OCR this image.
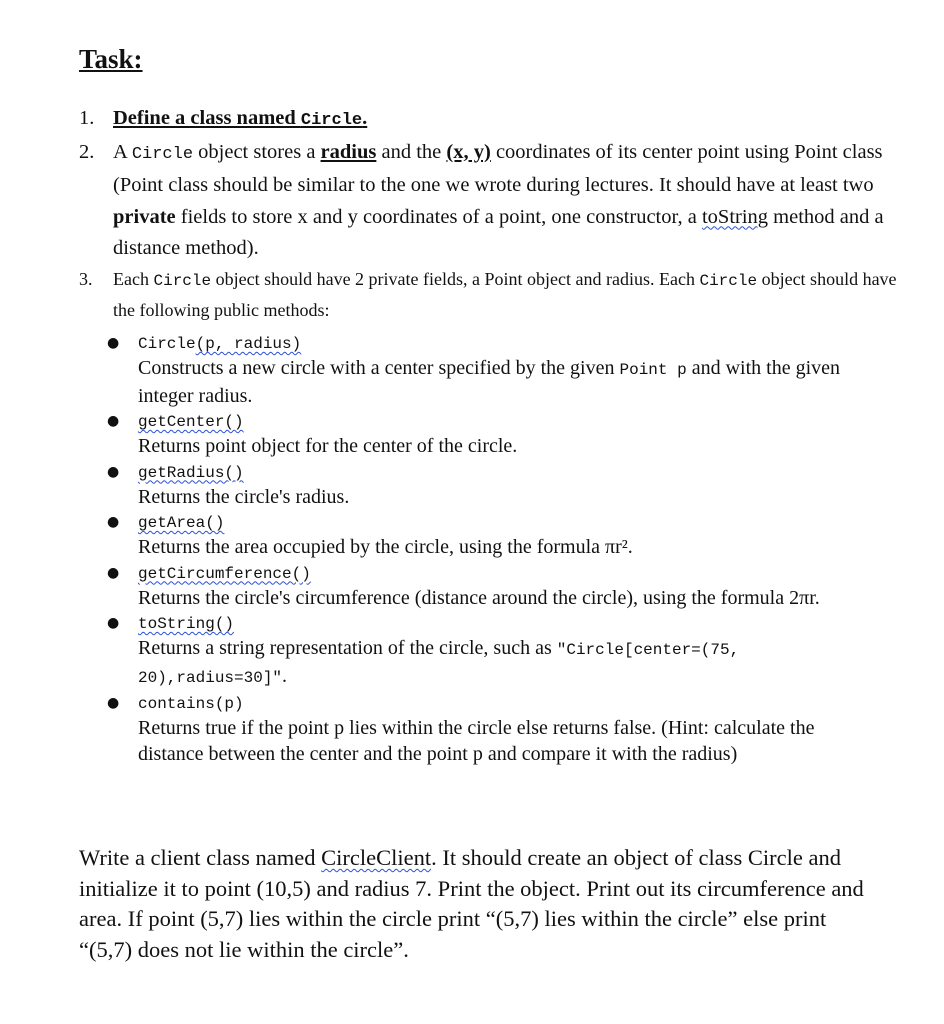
Task:
1. Define a class named Circle.
2. A Circle object stores a radius and the (x, y) coordinates of its center point using Point class (Point class should be similar to the one we wrote during lectures. It should have at least two private fields to store x and y coordinates of a point, one constructor, a toString method and a distance method).
3. Each Circle object should have 2 private fields, a Point object and radius. Each Circle object should have the following public methods:
● Circle(p, radius)
Constructs a new circle with a center specified by the given Point p and with the given integer radius.
● getCenter()
Returns point object for the center of the circle.
● getRadius()
Returns the circle's radius.
● getArea()
Returns the area occupied by the circle, using the formula πr².
● getCircumference()
Returns the circle's circumference (distance around the circle), using the formula 2πr.
● toString()
Returns a string representation of the circle, such as "Circle[center=(75, 20),radius=30]".
● contains(p)
Returns true if the point p lies within the circle else returns false. (Hint: calculate the distance between the center and the point p and compare it with the radius)

Write a client class named CircleClient. It should create an object of class Circle and initialize it to point (10,5) and radius 7. Print the object. Print out its circumference and area. If point (5,7) lies within the circle print “(5,7) lies within the circle” else print “(5,7) does not lie within the circle”.
